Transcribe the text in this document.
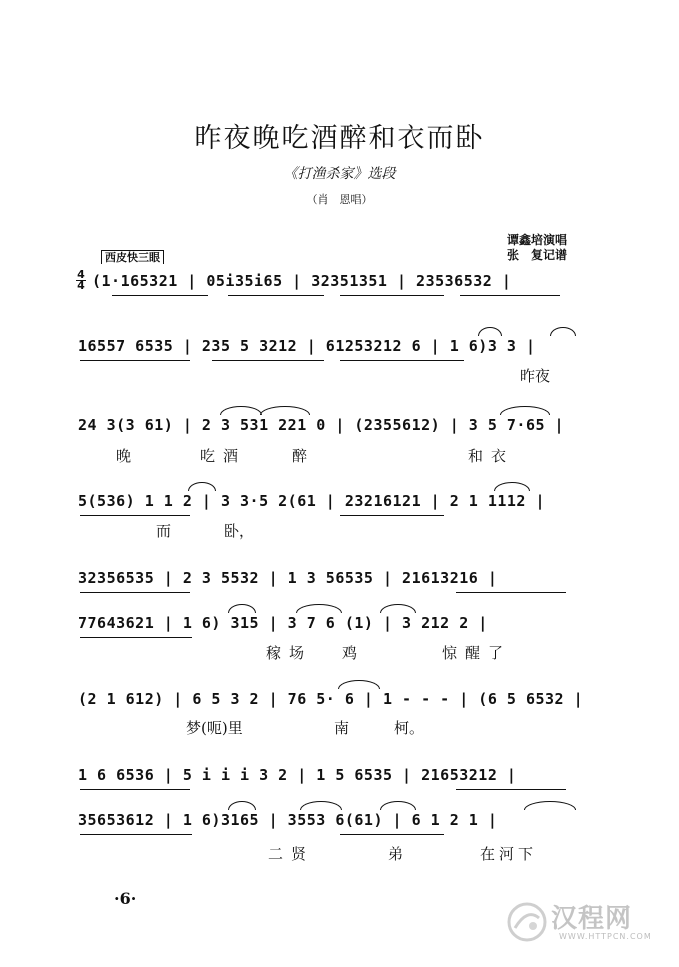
昨夜晚吃酒醉和衣而卧
《打渔杀家》选段
（肖　恩唱）
谭鑫培演唱
张　复记谱
西皮快三眼
4
4 (1·165321 | 05i35i65 | 32351351 | 23536532 |
16557 6535 | 235 5 3212 | 61253212 6 | 1 6)3 3 |
24 3(3 61) | 2 3 531 221 0 | (2355612) | 3 5 7·65 |
5(536) 1 1 2 | 3 3·5 2(61 | 23216121 | 2 1 1112 |
32356535 | 2 3 5532 | 1 3 56535 | 21613216 |
77643621 | 1 6) 315 | 3 7 6 (1) | 3 212 2 |
(2 1 612) | 6 5 3 2 | 76 5· 6 | 1 - - - | (6 5 6532 |
1 6 6536 | 5 i i i 3 2 | 1 5 6535 | 21653212 |
35653612 | 1 6)3165 | 3553 6(61) | 6 1 2 1 |
昨夜
晚	吃酒	醉	和衣
而	卧，
稼场 鸡	惊醒了
梦(呃)里	南	柯。
二贤	弟	在河下
·6·
汉程网
WWW.HTTPCN.COM
